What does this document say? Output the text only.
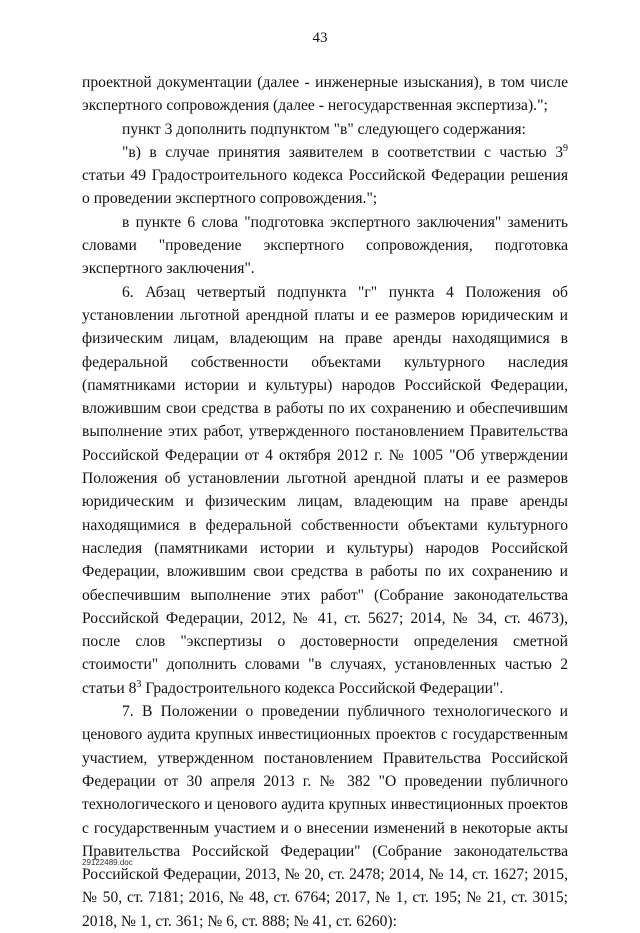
43

проектной документации (далее - инженерные изыскания), в том числе экспертного сопровождения (далее - негосударственная экспертиза).";

пункт 3 дополнить подпунктом "в" следующего содержания:

"в) в случае принятия заявителем в соответствии с частью $3^9$ статьи 49 Градостроительного кодекса Российской Федерации решения о проведении экспертного сопровождения.";

в пункте 6 слова "подготовка экспертного заключения" заменить словами "проведение экспертного сопровождения, подготовка экспертного заключения".

6. Абзац четвертый подпункта "г" пункта 4 Положения об установлении льготной арендной платы и ее размеров юридическим и физическим лицам, владеющим на праве аренды находящимися в федеральной собственности объектами культурного наследия (памятниками истории и культуры) народов Российской Федерации, вложившим свои средства в работы по их сохранению и обеспечившим выполнение этих работ, утвержденного постановлением Правительства Российской Федерации от 4 октября 2012 г. № 1005 "Об утверждении Положения об установлении льготной арендной платы и ее размеров юридическим и физическим лицам, владеющим на праве аренды находящимися в федеральной собственности объектами культурного наследия (памятниками истории и культуры) народов Российской Федерации, вложившим свои средства в работы по их сохранению и обеспечившим выполнение этих работ" (Собрание законодательства Российской Федерации, 2012, № 41, ст. 5627; 2014, № 34, ст. 4673), после слов "экспертизы о достоверности определения сметной стоимости" дополнить словами "в случаях, установленных частью 2 статьи $8^3$ Градостроительного кодекса Российской Федерации".

7. В Положении о проведении публичного технологического и ценового аудита крупных инвестиционных проектов с государственным участием, утвержденном постановлением Правительства Российской Федерации от 30 апреля 2013 г. № 382 "О проведении публичного технологического и ценового аудита крупных инвестиционных проектов с государственным участием и о внесении изменений в некоторые акты Правительства Российской Федерации" (Собрание законодательства Российской Федерации, 2013, № 20, ст. 2478; 2014, № 14, ст. 1627; 2015, № 50, ст. 7181; 2016, № 48, ст. 6764; 2017, № 1, ст. 195; № 21, ст. 3015; 2018, № 1, ст. 361; № 6, ст. 888; № 41, ст. 6260):

29122489.doc
